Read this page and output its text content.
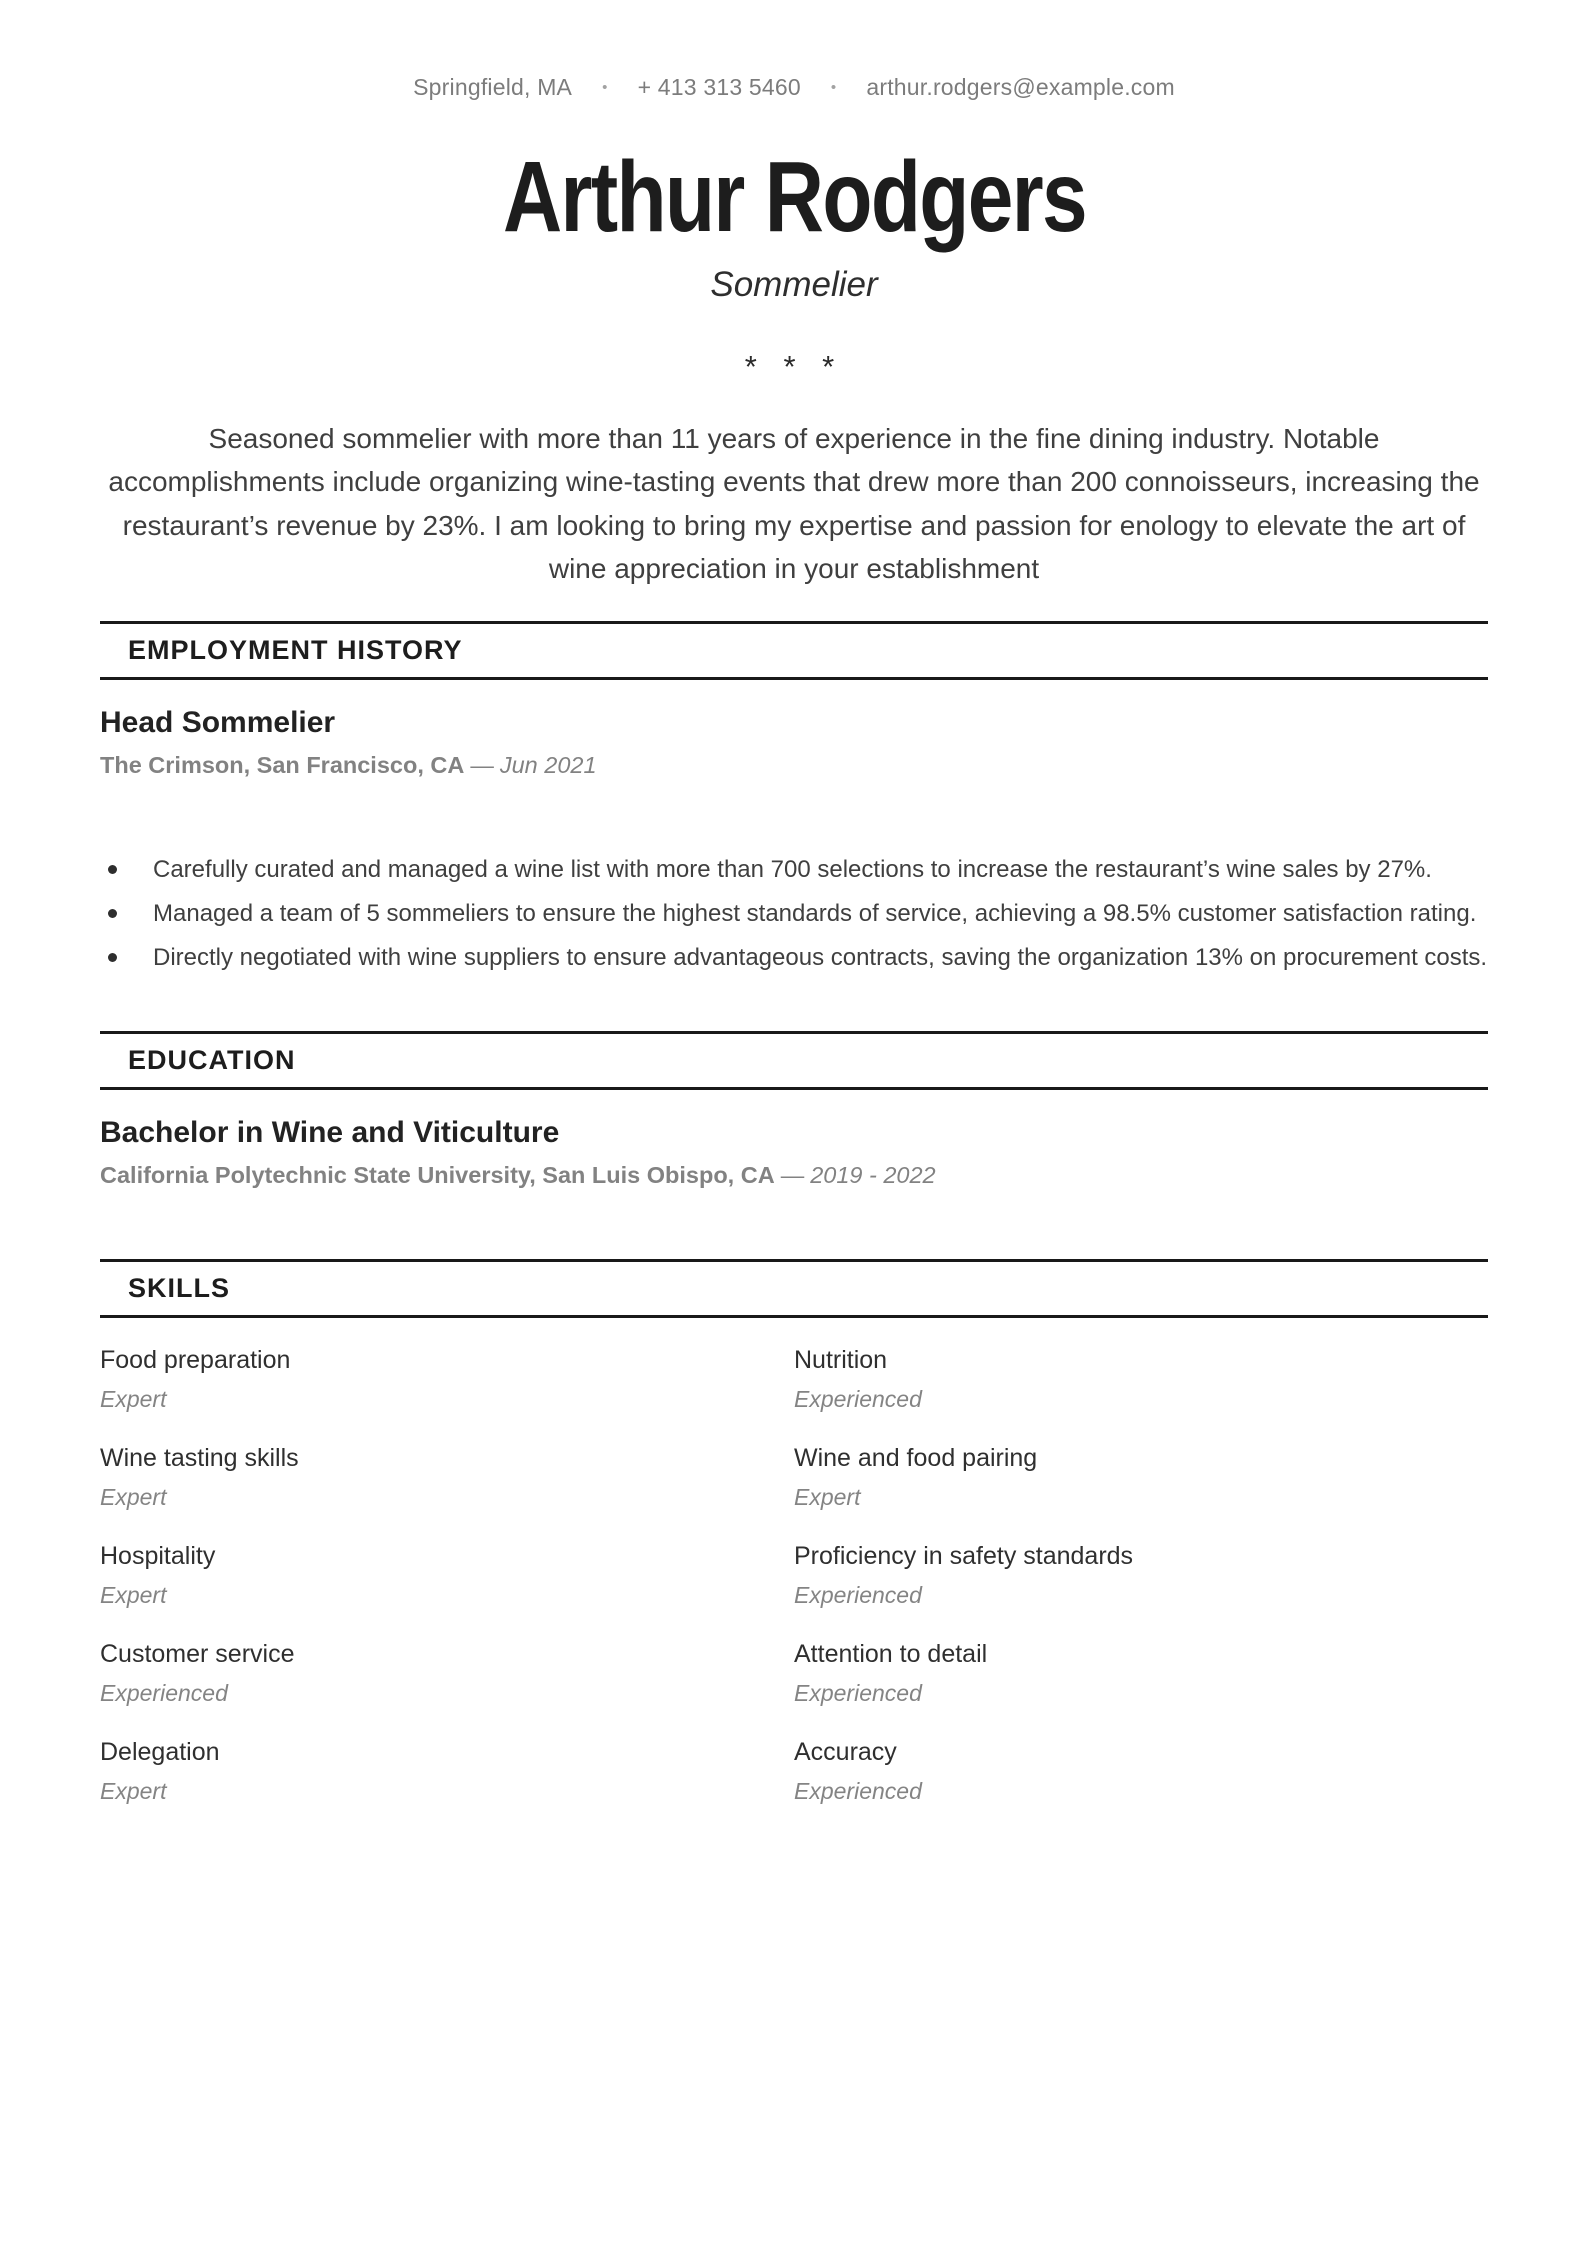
Springfield, MA • + 413 313 5460 • arthur.rodgers@example.com
Arthur Rodgers
Sommelier
* * *

Seasoned sommelier with more than 11 years of experience in the fine dining industry. Notable accomplishments include organizing wine-tasting events that drew more than 200 connoisseurs, increasing the restaurant’s revenue by 23%. I am looking to bring my expertise and passion for enology to elevate the art of wine appreciation in your establishment

EMPLOYMENT HISTORY
Head Sommelier
The Crimson, San Francisco, CA — Jun 2021
Carefully curated and managed a wine list with more than 700 selections to increase the restaurant’s wine sales by 27%.
Managed a team of 5 sommeliers to ensure the highest standards of service, achieving a 98.5% customer satisfaction rating.
Directly negotiated with wine suppliers to ensure advantageous contracts, saving the organization 13% on procurement costs.
EDUCATION
Bachelor in Wine and Viticulture
California Polytechnic State University, San Luis Obispo, CA — 2019 - 2022
SKILLS
Food preparation
Expert
Nutrition
Experienced
Wine tasting skills
Expert
Wine and food pairing
Expert
Hospitality
Expert
Proficiency in safety standards
Experienced
Customer service
Experienced
Attention to detail
Experienced
Delegation
Expert
Accuracy
Experienced
